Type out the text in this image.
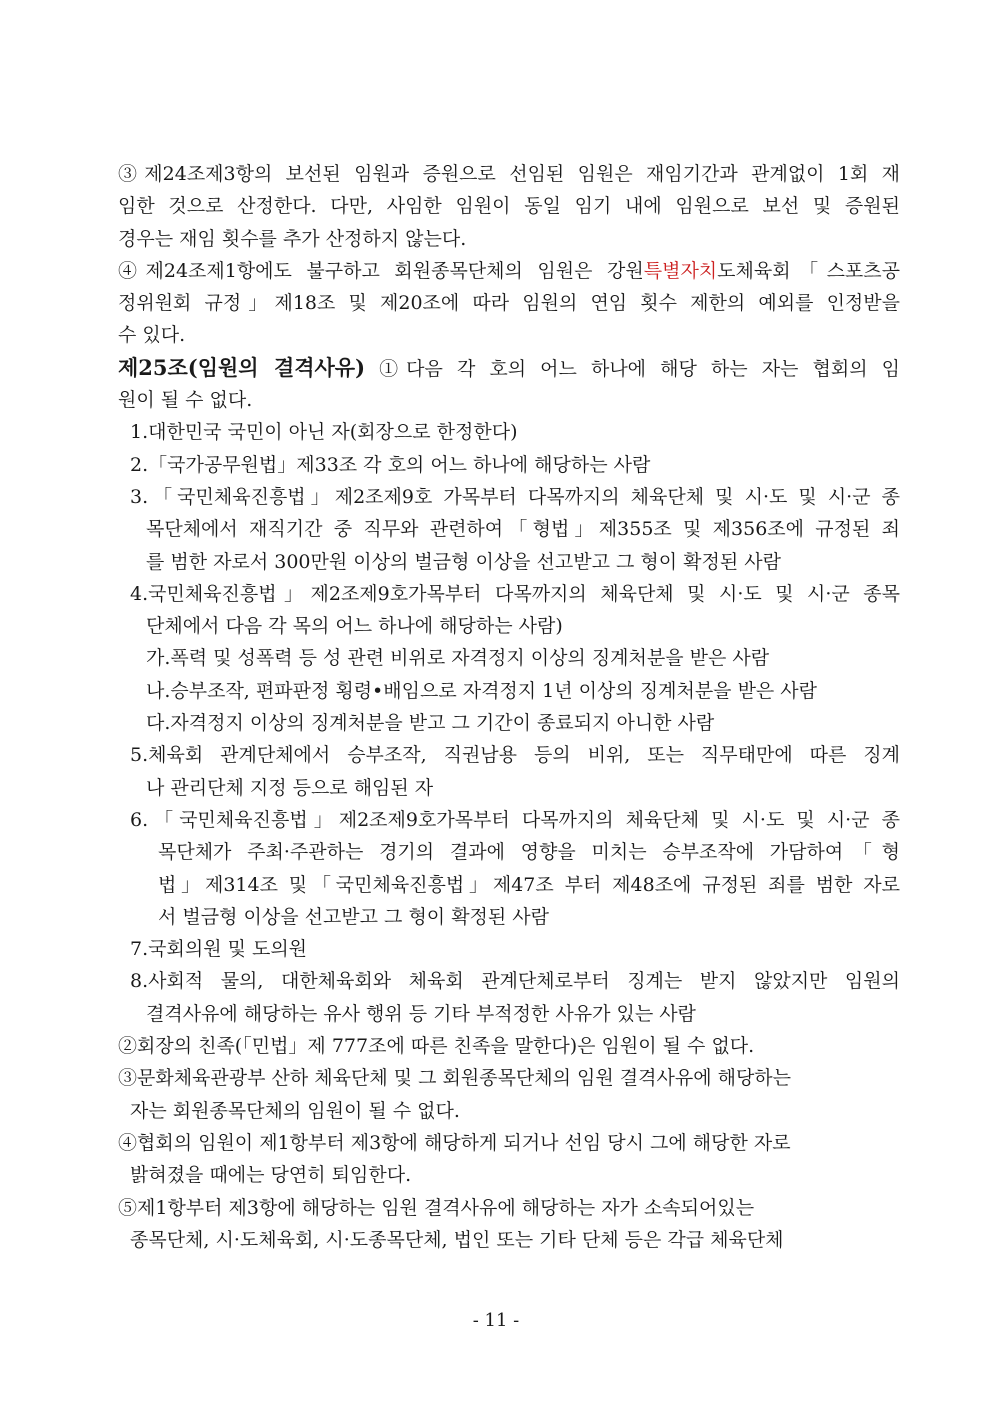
③제24조제3항의 보선된 임원과 증원으로 선임된 임원은 재임기간과 관계없이 1회 재
임한 것으로 산정한다. 다만, 사임한 임원이 동일 임기 내에 임원으로 보선 및 증원된
경우는 재임 횟수를 추가 산정하지 않는다.
④제24조제1항에도 불구하고 회원종목단체의 임원은 강원특별자치도체육회「스포츠공
정위원회 규정」제18조 및 제20조에 따라 임원의 연임 횟수 제한의 예외를 인정받을
수 있다.
제25조(임원의 결격사유) ①다음 각 호의 어느 하나에 해당 하는 자는 협회의 임
원이 될 수 없다.
1.대한민국 국민이 아닌 자(회장으로 한정한다)
2.「국가공무원법」제33조 각 호의 어느 하나에 해당하는 사람
3.「국민체육진흥법」제2조제9호 가목부터 다목까지의 체육단체 및 시·도 및 시·군 종
목단체에서 재직기간 중 직무와 관련하여「형법」제355조 및 제356조에 규정된 죄
를 범한 자로서 300만원 이상의 벌금형 이상을 선고받고 그 형이 확정된 사람
4.국민체육진흥법」제2조제9호가목부터 다목까지의 체육단체 및 시·도 및 시·군 종목
단체에서 다음 각 목의 어느 하나에 해당하는 사람)
가.폭력 및 성폭력 등 성 관련 비위로 자격정지 이상의 징계처분을 받은 사람
나.승부조작, 편파판정 횡령•배임으로 자격정지 1년 이상의 징계처분을 받은 사람
다.자격정지 이상의 징계처분을 받고 그 기간이 종료되지 아니한 사람
5.체육회 관계단체에서 승부조작, 직권남용 등의 비위, 또는 직무태만에 따른 징계
나 관리단체 지정 등으로 해임된 자
6.「국민체육진흥법」제2조제9호가목부터 다목까지의 체육단체 및 시·도 및 시·군 종
목단체가 주최·주관하는 경기의 결과에 영향을 미치는 승부조작에 가담하여「형
법」제314조 및「국민체육진흥법」제47조 부터 제48조에 규정된 죄를 범한 자로
서 벌금형 이상을 선고받고 그 형이 확정된 사람
7.국회의원 및 도의원
8.사회적 물의, 대한체육회와 체육회 관계단체로부터 징계는 받지 않았지만 임원의
결격사유에 해당하는 유사 행위 등 기타 부적정한 사유가 있는 사람
②회장의 친족(「민법」제 777조에 따른 친족을 말한다)은 임원이 될 수 없다.
③문화체육관광부 산하 체육단체 및 그 회원종목단체의 임원 결격사유에 해당하는
자는 회원종목단체의 임원이 될 수 없다.
④협회의 임원이 제1항부터 제3항에 해당하게 되거나 선임 당시 그에 해당한 자로
밝혀졌을 때에는 당연히 퇴임한다.
⑤제1항부터 제3항에 해당하는 임원 결격사유에 해당하는 자가 소속되어있는
종목단체, 시·도체육회, 시·도종목단체, 법인 또는 기타 단체 등은 각급 체육단체
- 11 -
